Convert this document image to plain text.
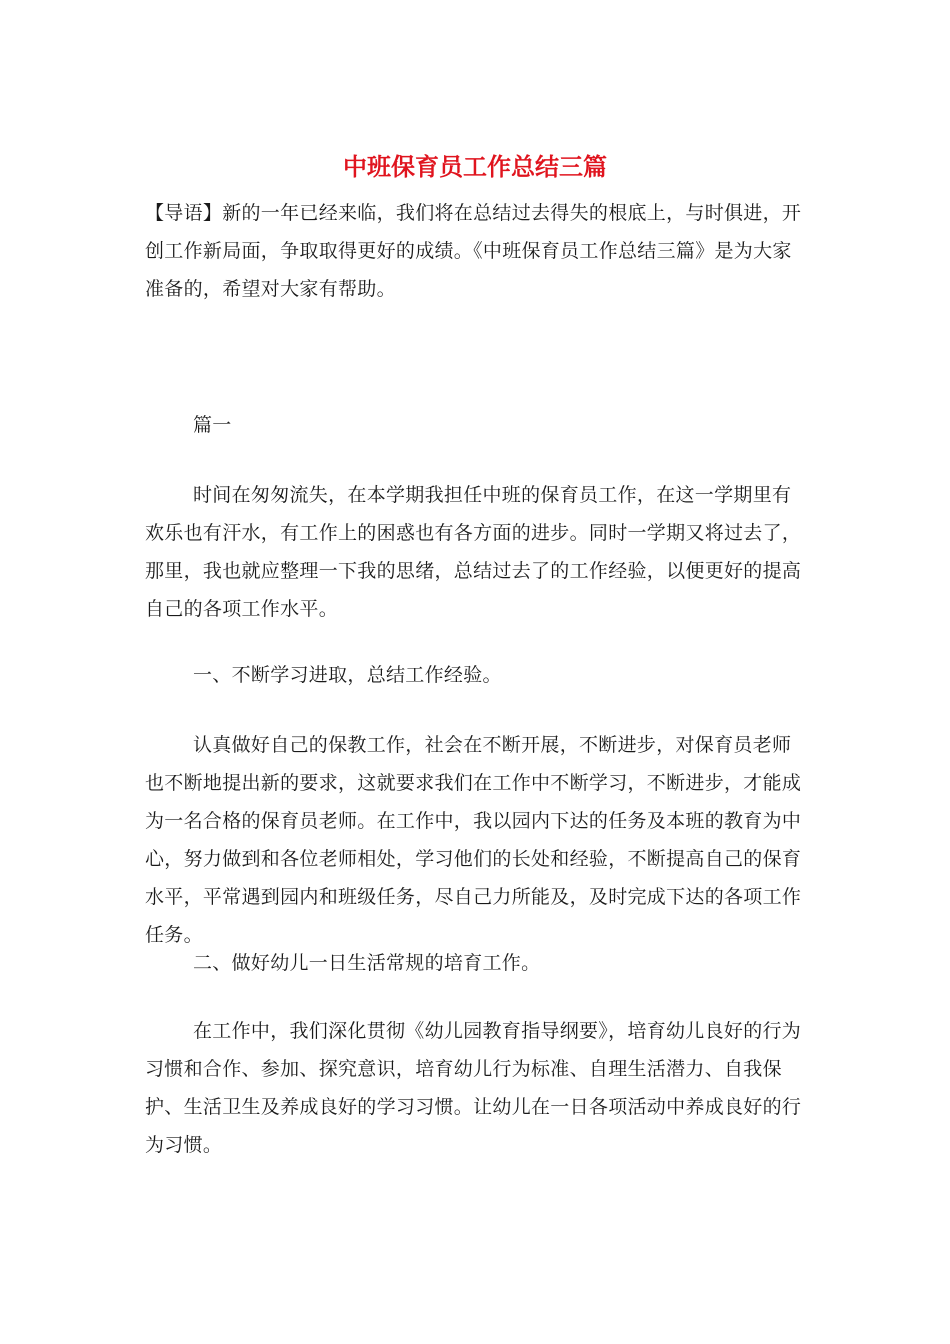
中班保育员工作总结三篇

【导语】新的一年已经来临，我们将在总结过去得失的根底上，与时俱进，开创工作新局面，争取取得更好的成绩。《中班保育员工作总结三篇》是为大家准备的，希望对大家有帮助。

篇一

时间在匆匆流失，在本学期我担任中班的保育员工作，在这一学期里有欢乐也有汗水，有工作上的困惑也有各方面的进步。同时一学期又将过去了，那里，我也就应整理一下我的思绪，总结过去了的工作经验，以便更好的提高自己的各项工作水平。

一、不断学习进取，总结工作经验。

认真做好自己的保教工作，社会在不断开展，不断进步，对保育员老师也不断地提出新的要求，这就要求我们在工作中不断学习，不断进步，才能成为一名合格的保育员老师。在工作中，我以园内下达的任务及本班的教育为中心，努力做到和各位老师相处，学习他们的长处和经验，不断提高自己的保育水平，平常遇到园内和班级任务，尽自己力所能及，及时完成下达的各项工作任务。

二、做好幼儿一日生活常规的培育工作。

在工作中，我们深化贯彻《幼儿园教育指导纲要》，培育幼儿良好的行为习惯和合作、参加、探究意识，培育幼儿行为标准、自理生活潜力、自我保护、生活卫生及养成良好的学习习惯。让幼儿在一日各项活动中养成良好的行为习惯。
